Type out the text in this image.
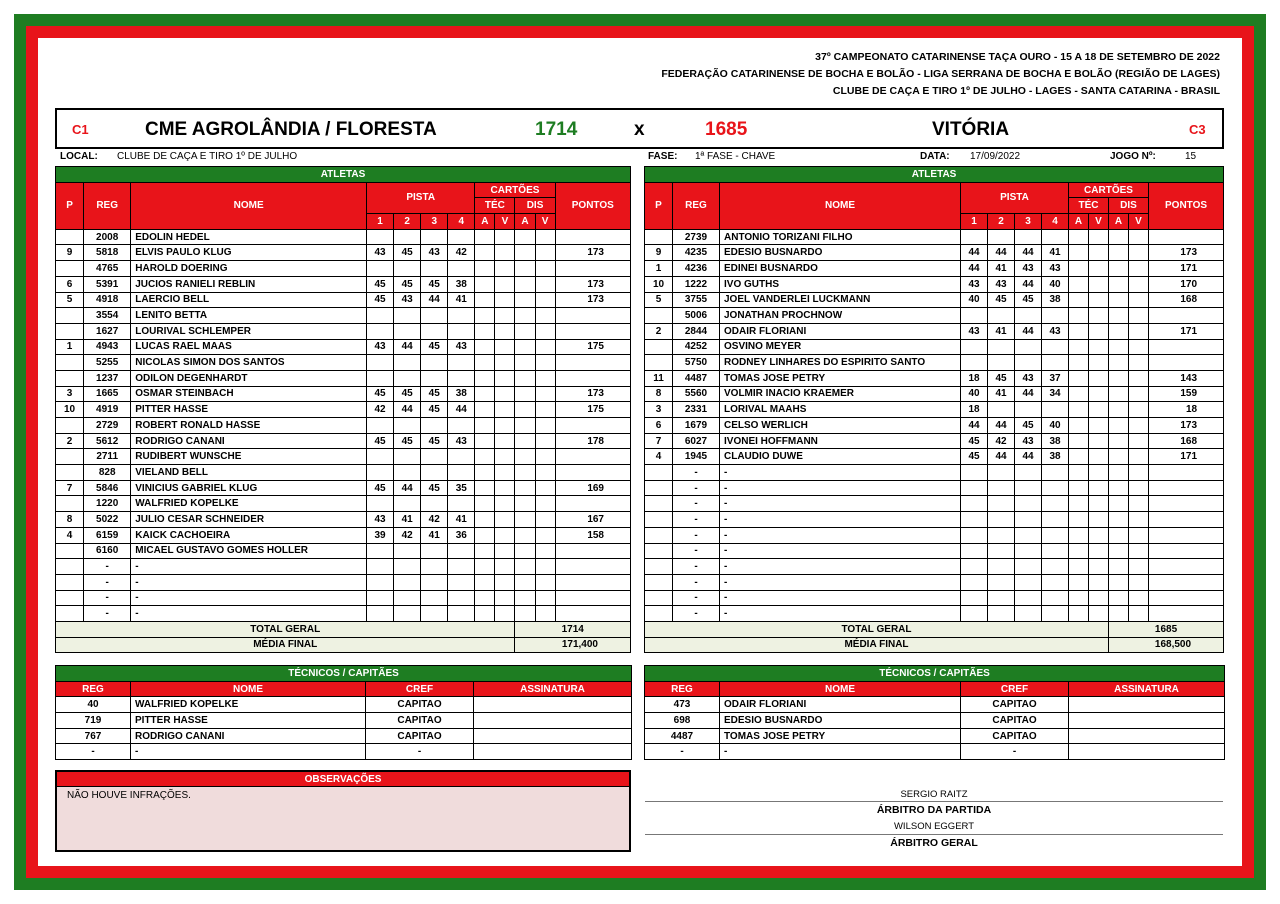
37º CAMPEONATO CATARINENSE TAÇA OURO - 15 A 18 DE SETEMBRO DE 2022
FEDERAÇÃO CATARINENSE DE BOCHA E BOLÃO - LIGA SERRANA DE BOCHA E BOLÃO (REGIÃO DE LAGES)
CLUBE DE CAÇA E TIRO 1º DE JULHO - LAGES - SANTA CATARINA - BRASIL
C1	CME AGROLÂNDIA / FLORESTA	1714	x	1685	VITÓRIA	C3
LOCAL: CLUBE DE CAÇA E TIRO 1º DE JULHO	FASE: 1ª FASE - CHAVE	DATA: 17/09/2022	JOGO Nº:	15
ATLETAS											
P	REG	NOME	PISTA				CARTÕES				PONTOS
							TÉC		DIS		
			1	2	3	4	A	V	A	V	
	2008	EDOLIN HEDEL									
9	5818	ELVIS PAULO KLUG	43	45	43	42					173
	4765	HAROLD DOERING									
6	5391	JUCIOS RANIELI REBLIN	45	45	45	38					173
5	4918	LAERCIO BELL	45	43	44	41					173
	3554	LENITO BETTA									
	1627	LOURIVAL SCHLEMPER									
1	4943	LUCAS RAEL MAAS	43	44	45	43					175
	5255	NICOLAS SIMON DOS SANTOS									
	1237	ODILON DEGENHARDT									
3	1665	OSMAR STEINBACH	45	45	45	38					173
10	4919	PITTER HASSE	42	44	45	44					175
	2729	ROBERT RONALD HASSE									
2	5612	RODRIGO CANANI	45	45	45	43					178
	2711	RUDIBERT WUNSCHE									
	828	VIELAND BELL									
7	5846	VINICIUS GABRIEL KLUG	45	44	45	35					169
	1220	WALFRIED KOPELKE									
8	5022	JULIO CESAR SCHNEIDER	43	41	42	41					167
4	6159	KAICK CACHOEIRA	39	42	41	36					158
	6160	MICAEL GUSTAVO GOMES HOLLER									
	-	-									
	-	-									
	-	-									
	-	-									
TOTAL GERAL									1714		
MÉDIA FINAL									171,400		
ATLETAS											
P	REG	NOME	PISTA				CARTÕES				PONTOS
							TÉC		DIS		
			1	2	3	4	A	V	A	V	
	2739	ANTONIO TORIZANI FILHO									
9	4235	EDESIO BUSNARDO	44	44	44	41					173
1	4236	EDINEI BUSNARDO	44	41	43	43					171
10	1222	IVO GUTHS	43	43	44	40					170
5	3755	JOEL VANDERLEI LUCKMANN	40	45	45	38					168
	5006	JONATHAN PROCHNOW									
2	2844	ODAIR FLORIANI	43	41	44	43					171
	4252	OSVINO MEYER									
	5750	RODNEY LINHARES DO ESPIRITO SANTO									
11	4487	TOMAS JOSE PETRY	18	45	43	37					143
8	5560	VOLMIR INACIO KRAEMER	40	41	44	34					159
3	2331	LORIVAL MAAHS	18								18
6	1679	CELSO WERLICH	44	44	45	40					173
7	6027	IVONEI HOFFMANN	45	42	43	38					168
4	1945	CLAUDIO DUWE	45	44	44	38					171
	-	-									
	-	-									
	-	-									
	-	-									
	-	-									
	-	-									
	-	-									
	-	-									
	-	-									
	-	-									
TOTAL GERAL									1685		
MÉDIA FINAL									168,500		
TÉCNICOS / CAPITÃES			
REG	NOME	CREF	ASSINATURA
40	WALFRIED KOPELKE	CAPITAO	
719	PITTER HASSE	CAPITAO	
767	RODRIGO CANANI	CAPITAO	
-	-	-	
TÉCNICOS / CAPITÃES			
REG	NOME	CREF	ASSINATURA
473	ODAIR FLORIANI	CAPITAO	
698	EDESIO BUSNARDO	CAPITAO	
4487	TOMAS JOSE PETRY	CAPITAO	
-	-	-	
OBSERVAÇÕES
NÃO HOUVE INFRAÇÕES.	SERGIO RAITZ
ÁRBITRO DA PARTIDA
WILSON EGGERT
ÁRBITRO GERAL
